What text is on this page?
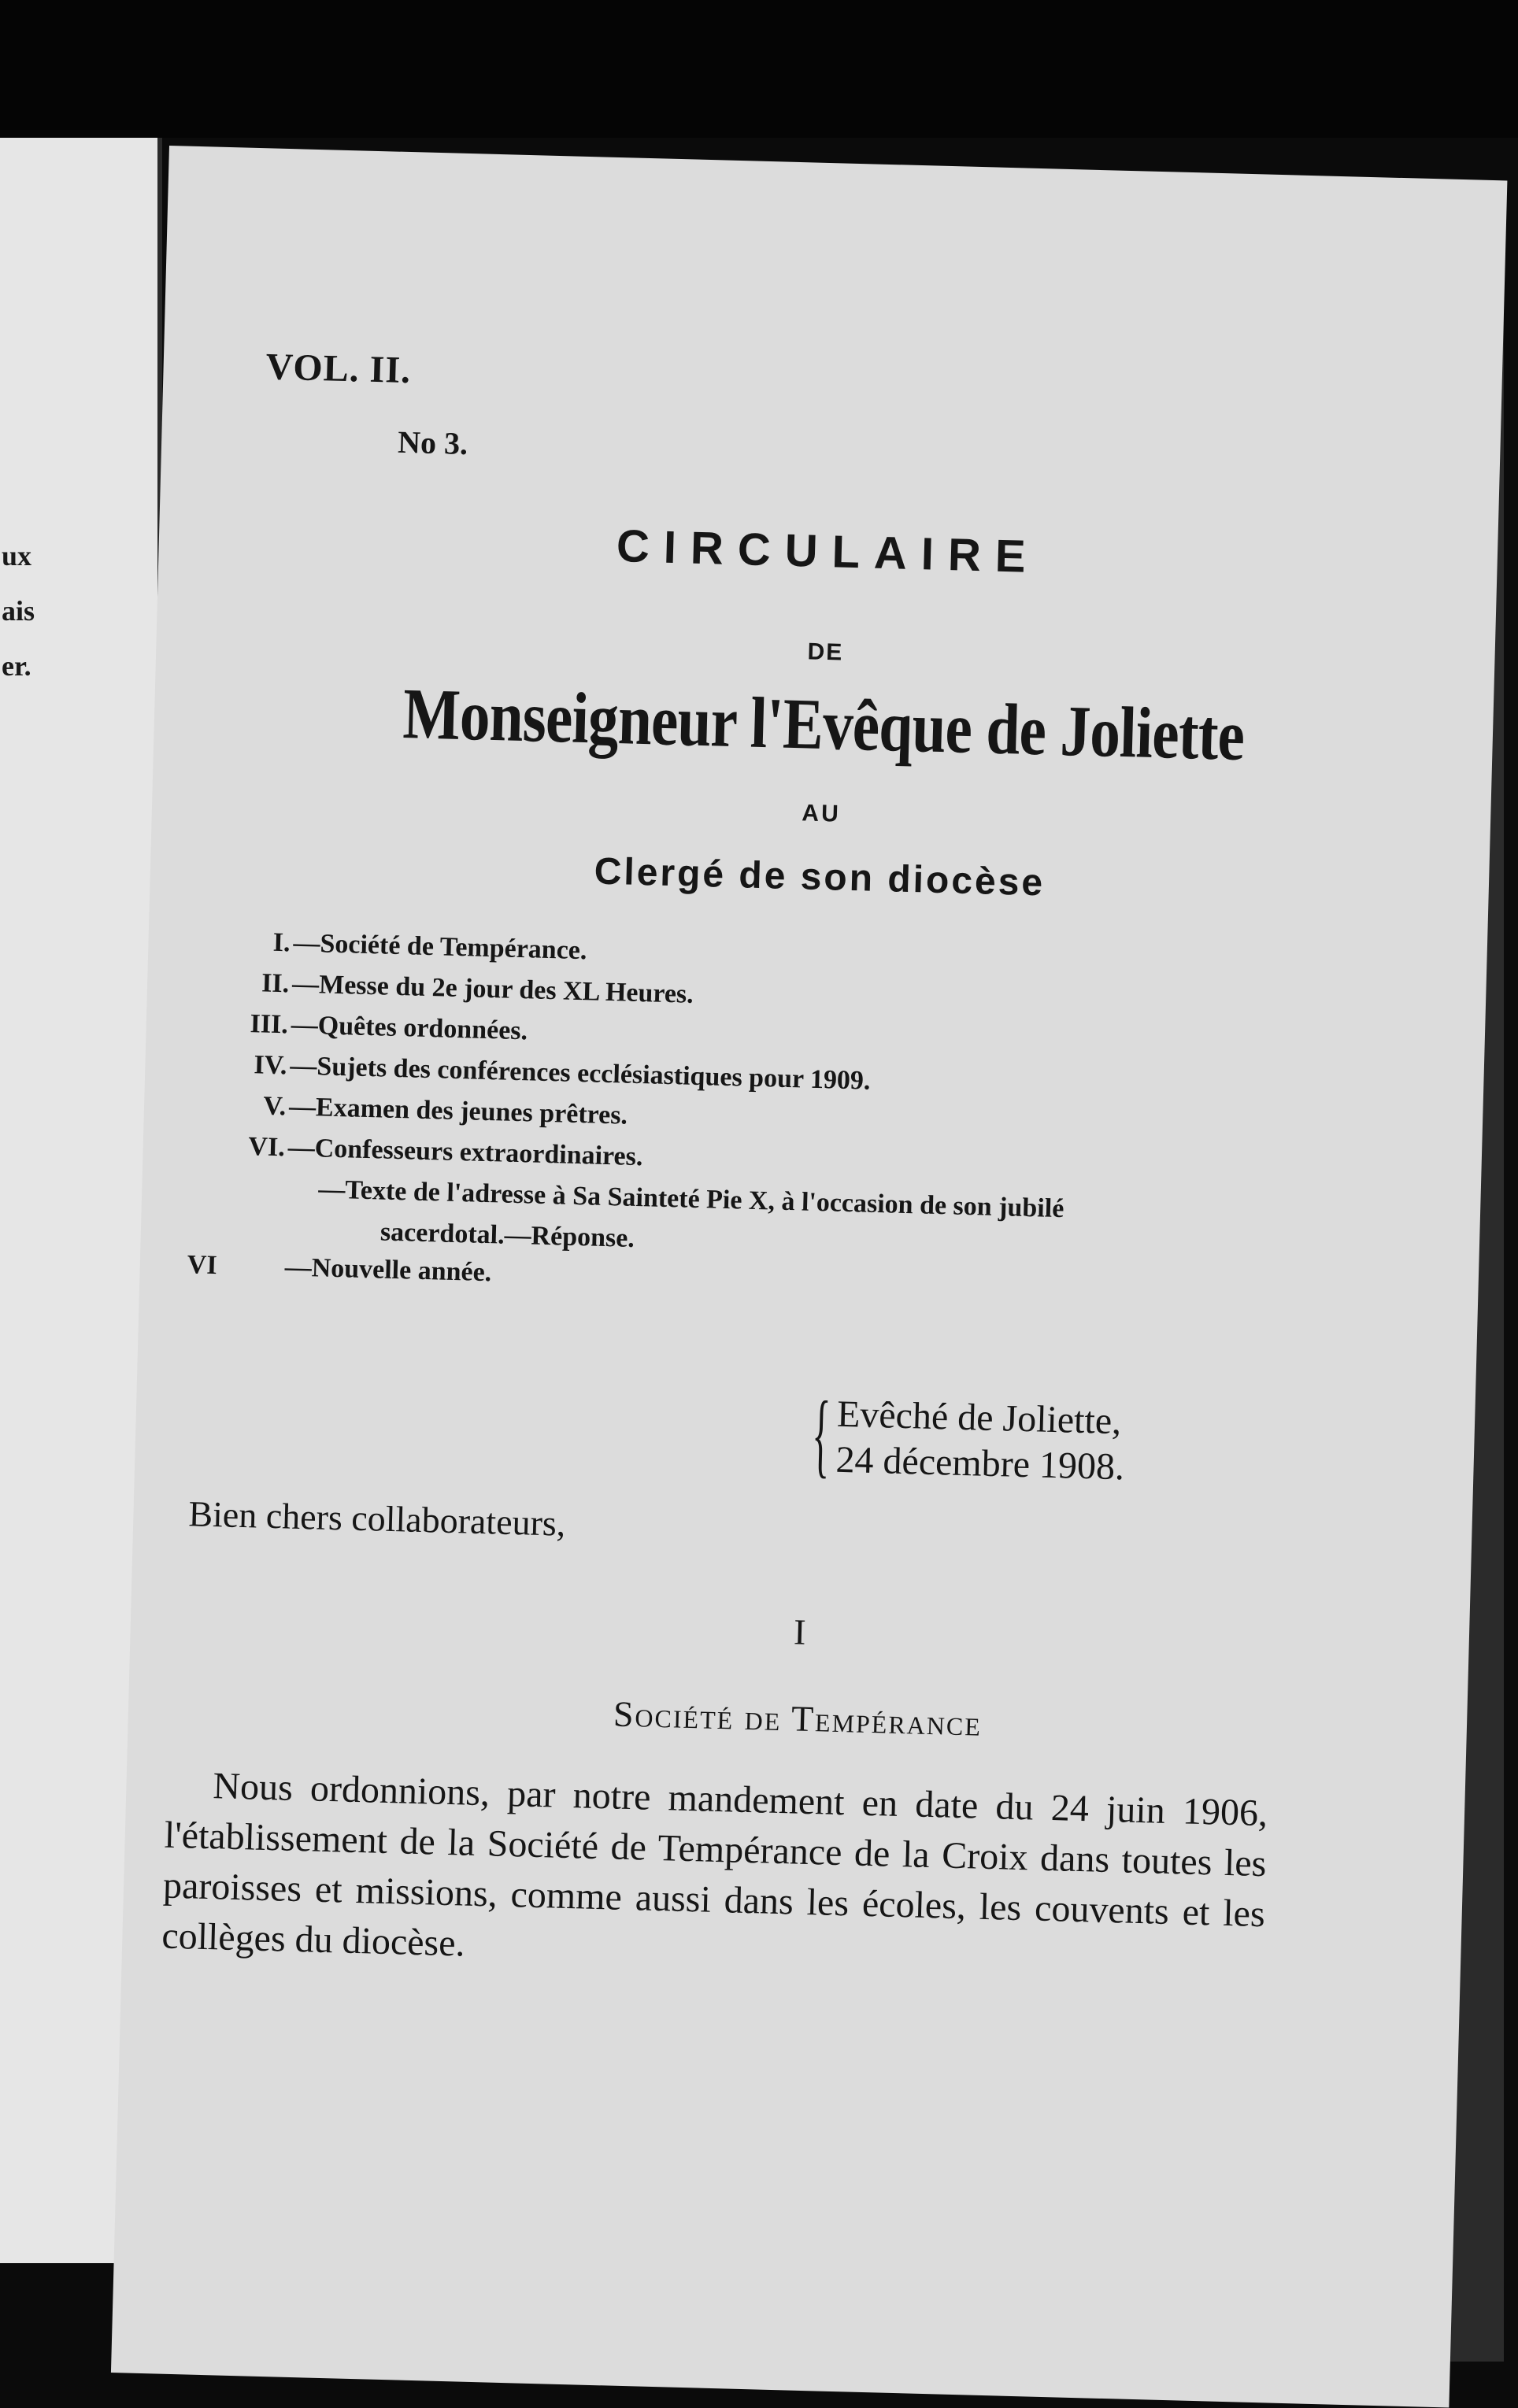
ux
ais
er.
VOL. II.
No 3.
CIRCULAIRE
DE
Monseigneur l'Evêque de Joliette
AU
Clergé de son diocèse
I. —Société de Tempérance.
II. —Messe du 2e jour des XL Heures.
III. —Quêtes ordonnées.
IV. —Sujets des conférences ecclésiastiques pour 1909.
V. —Examen des jeunes prêtres.
VI. —Confesseurs extraordinaires.
—Texte de l'adresse à Sa Sainteté Pie X, à l'occasion de son jubilé
sacerdotal.—Réponse.
VI	—Nouvelle année.
{ Evêché de Joliette,
24 décembre 1908.
Bien chers collaborateurs,
I
Société de Tempérance
Nous ordonnions, par notre mandement en date du 24 juin 1906, l'établissement de la Société de Tempérance de la Croix dans toutes les paroisses et missions, comme aussi dans les écoles, les couvents et les collèges du diocèse.
